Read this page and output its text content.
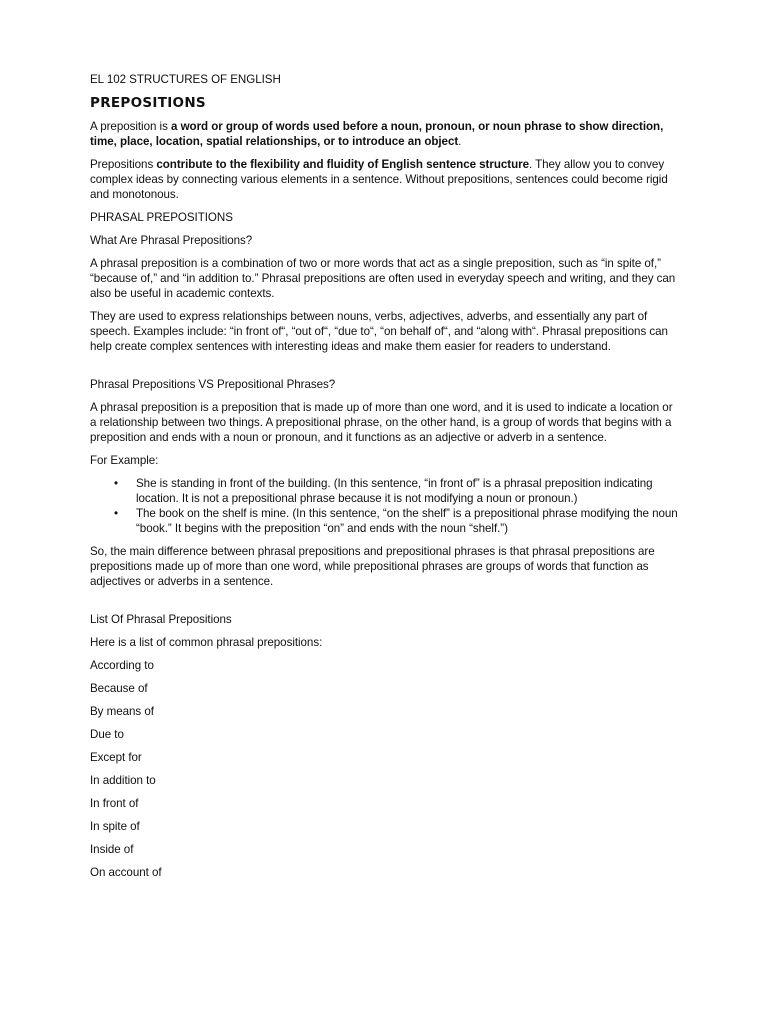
EL 102 STRUCTURES OF ENGLISH

PREPOSITIONS

A preposition is a word or group of words used before a noun, pronoun, or noun phrase to show direction, time, place, location, spatial relationships, or to introduce an object.

Prepositions contribute to the flexibility and fluidity of English sentence structure. They allow you to convey complex ideas by connecting various elements in a sentence. Without prepositions, sentences could become rigid and monotonous.

PHRASAL PREPOSITIONS

What Are Phrasal Prepositions?

A phrasal preposition is a combination of two or more words that act as a single preposition, such as “in spite of,” “because of,” and “in addition to.” Phrasal prepositions are often used in everyday speech and writing, and they can also be useful in academic contexts.

They are used to express relationships between nouns, verbs, adjectives, adverbs, and essentially any part of speech. Examples include: “in front of“, “out of“, “due to“, “on behalf of“, and “along with“. Phrasal prepositions can help create complex sentences with interesting ideas and make them easier for readers to understand.

Phrasal Prepositions VS Prepositional Phrases?

A phrasal preposition is a preposition that is made up of more than one word, and it is used to indicate a location or a relationship between two things. A prepositional phrase, on the other hand, is a group of words that begins with a preposition and ends with a noun or pronoun, and it functions as an adjective or adverb in a sentence.

For Example:

• She is standing in front of the building. (In this sentence, “in front of” is a phrasal preposition indicating location. It is not a prepositional phrase because it is not modifying a noun or pronoun.)
• The book on the shelf is mine. (In this sentence, “on the shelf” is a prepositional phrase modifying the noun “book.” It begins with the preposition “on” and ends with the noun “shelf.”)

So, the main difference between phrasal prepositions and prepositional phrases is that phrasal prepositions are prepositions made up of more than one word, while prepositional phrases are groups of words that function as adjectives or adverbs in a sentence.

List Of Phrasal Prepositions

Here is a list of common phrasal prepositions:

According to

Because of

By means of

Due to

Except for

In addition to

In front of

In spite of

Inside of

On account of
